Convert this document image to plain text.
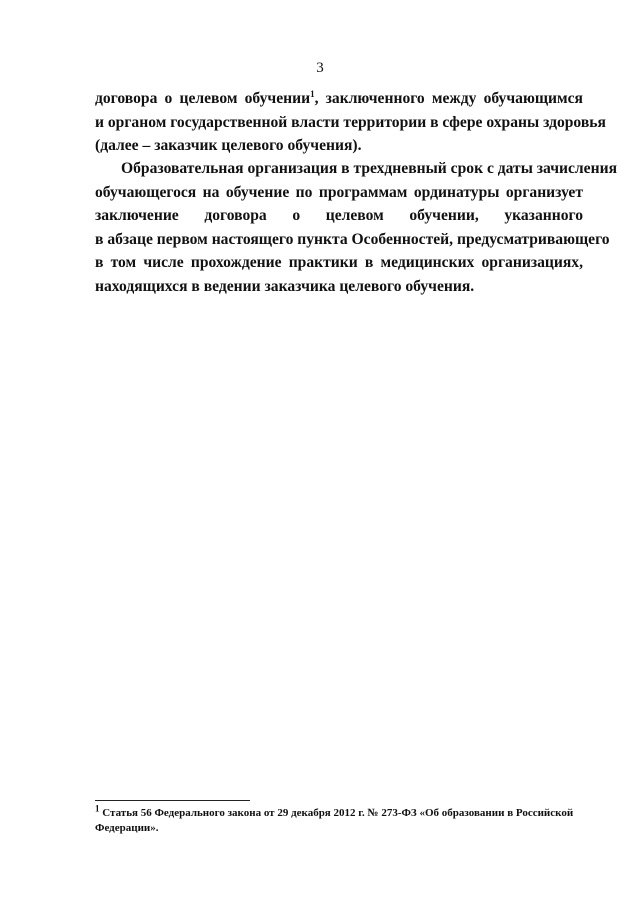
3
договора о целевом обучении$^1$, заключенного между обучающимся
и органом государственной власти территории в сфере охраны здоровья
(далее – заказчик целевого обучения).
Образовательная организация в трехдневный срок с даты зачисления
обучающегося на обучение по программам ординатуры организует
заключение договора о целевом обучении, указанного
в абзаце первом настоящего пункта Особенностей, предусматривающего
в том числе прохождение практики в медицинских организациях,
находящихся в ведении заказчика целевого обучения.
$^1$ Статья 56 Федерального закона от 29 декабря 2012 г. № 273-ФЗ «Об образовании в Российской Федерации».
